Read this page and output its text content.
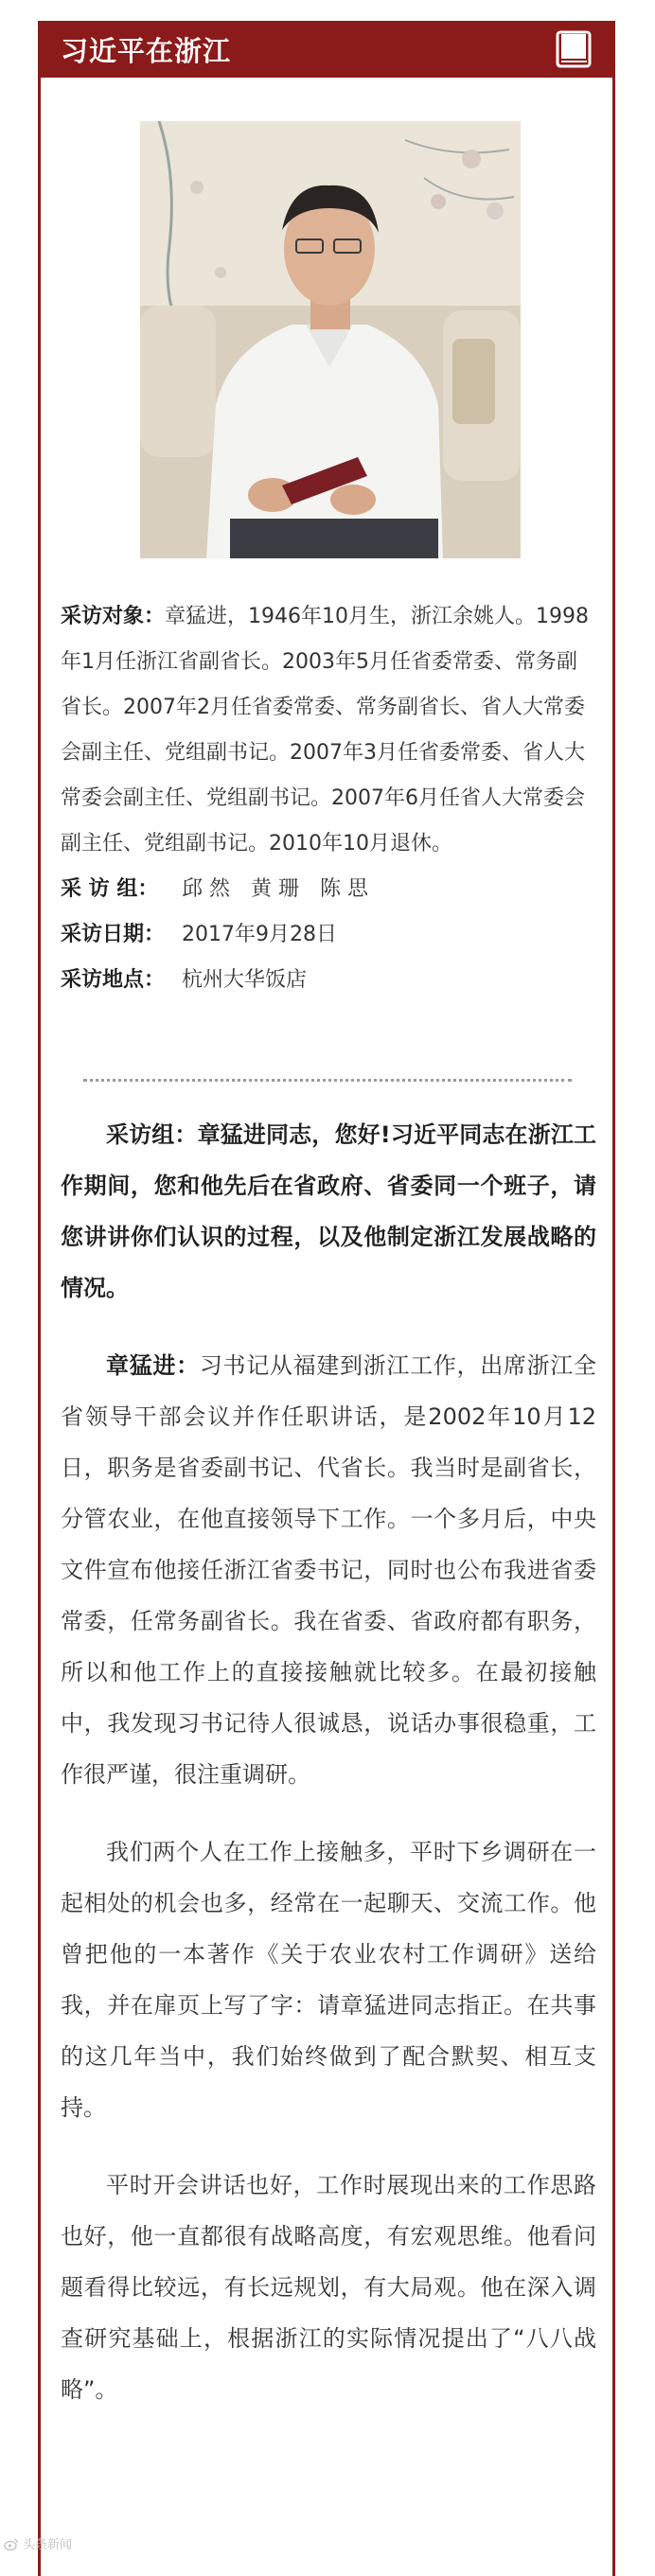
习近平在浙江

采访对象：章猛进，1946年10月生，浙江余姚人。1998年1月任浙江省副省长。2003年5月任省委常委、常务副省长。2007年2月任省委常委、常务副省长、省人大常委会副主任、党组副书记。2007年3月任省委常委、省人大常委会副主任、党组副书记。2007年6月任省人大常委会副主任、党组副书记。2010年10月退休。

采 访 组：	邱 然　黄 珊　陈 思
采访日期： 2017年9月28日
采访地点： 杭州大华饭店

采访组：章猛进同志，您好!习近平同志在浙江工作期间，您和他先后在省政府、省委同一个班子，请您讲讲你们认识的过程，以及他制定浙江发展战略的情况。

章猛进：习书记从福建到浙江工作，出席浙江全省领导干部会议并作任职讲话，是2002年10月12日，职务是省委副书记、代省长。我当时是副省长，分管农业，在他直接领导下工作。一个多月后，中央文件宣布他接任浙江省委书记，同时也公布我进省委常委，任常务副省长。我在省委、省政府都有职务，所以和他工作上的直接接触就比较多。在最初接触中，我发现习书记待人很诚恳，说话办事很稳重，工作很严谨，很注重调研。

我们两个人在工作上接触多，平时下乡调研在一起相处的机会也多，经常在一起聊天、交流工作。他曾把他的一本著作《关于农业农村工作调研》送给我，并在扉页上写了字：请章猛进同志指正。在共事的这几年当中，我们始终做到了配合默契、相互支持。

平时开会讲话也好，工作时展现出来的工作思路也好，他一直都很有战略高度，有宏观思维。他看问题看得比较远，有长远规划，有大局观。他在深入调查研究基础上，根据浙江的实际情况提出了“八八战略”。

头条新闻
